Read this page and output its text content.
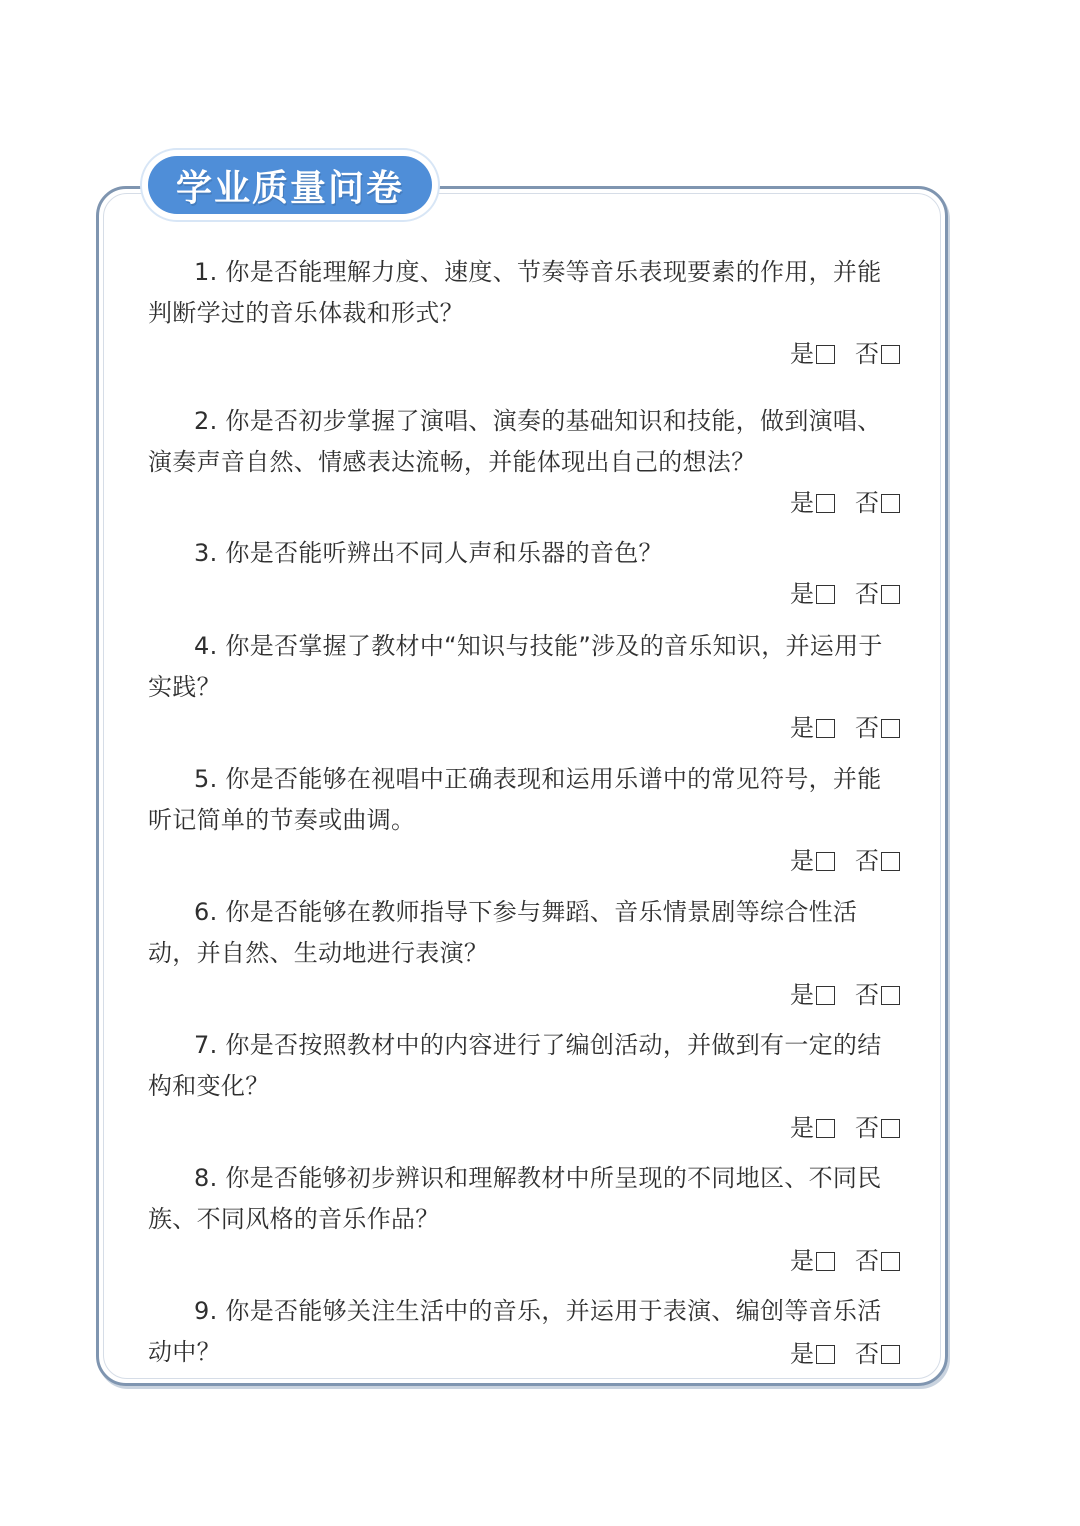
学业质量问卷

1. 你是否能理解力度、速度、节奏等音乐表现要素的作用，并能判断学过的音乐体裁和形式？

是 否

2. 你是否初步掌握了演唱、演奏的基础知识和技能，做到演唱、演奏声音自然、情感表达流畅，并能体现出自己的想法？

是 否

3. 你是否能听辨出不同人声和乐器的音色？

是 否

4. 你是否掌握了教材中“知识与技能”涉及的音乐知识，并运用于实践？

是 否

5. 你是否能够在视唱中正确表现和运用乐谱中的常见符号，并能听记简单的节奏或曲调。

是 否

6. 你是否能够在教师指导下参与舞蹈、音乐情景剧等综合性活动，并自然、生动地进行表演？

是 否

7. 你是否按照教材中的内容进行了编创活动，并做到有一定的结构和变化？

是 否

8. 你是否能够初步辨识和理解教材中所呈现的不同地区、不同民族、不同风格的音乐作品？

是 否

9. 你是否能够关注生活中的音乐，并运用于表演、编创等音乐活动中？	是 否
